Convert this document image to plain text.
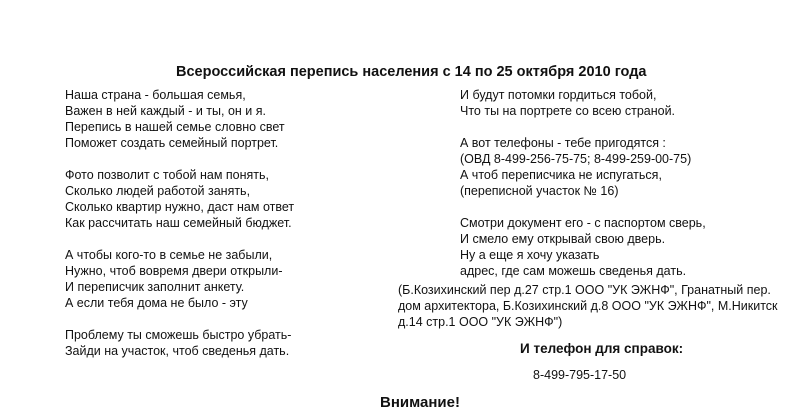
Всероссийская перепись населения с 14 по 25 октября 2010 года
Наша страна - большая семья,
Важен в ней каждый - и ты, он и я.
Перепись в нашей семье словно свет
Поможет создать семейный портрет.
Фото позволит с тобой нам понять,
Сколько людей работой занять,
Сколько квартир нужно, даст нам ответ
Как рассчитать наш семейный бюджет.
А чтобы кого-то в семье не забыли,
Нужно, чтоб вовремя двери открыли-
И переписчик заполнит анкету.
А если тебя дома не было - эту
Проблему ты сможешь быстро убрать-
Зайди на участок, чтоб сведенья дать.
И будут потомки гордиться тобой,
Что ты на портрете со всею страной.
А вот телефоны - тебе пригодятся :
(ОВД 8-499-256-75-75; 8-499-259-00-75)
А чтоб переписчика не испугаться,
(переписной участок № 16)
Смотри документ его - с паспортом сверь,
И смело ему открывай свою дверь.
Ну а еще я хочу указать
адрес, где сам можешь сведенья дать.
(Б.Козихинский пер д.27 стр.1 ООО "УК ЭЖНФ", Гранатный пер.
дом архитектора, Б.Козихинский д.8 ООО "УК ЭЖНФ", М.Никитск
д.14 стр.1 ООО "УК ЭЖНФ")
И телефон для справок:
8-499-795-17-50
Внимание!
